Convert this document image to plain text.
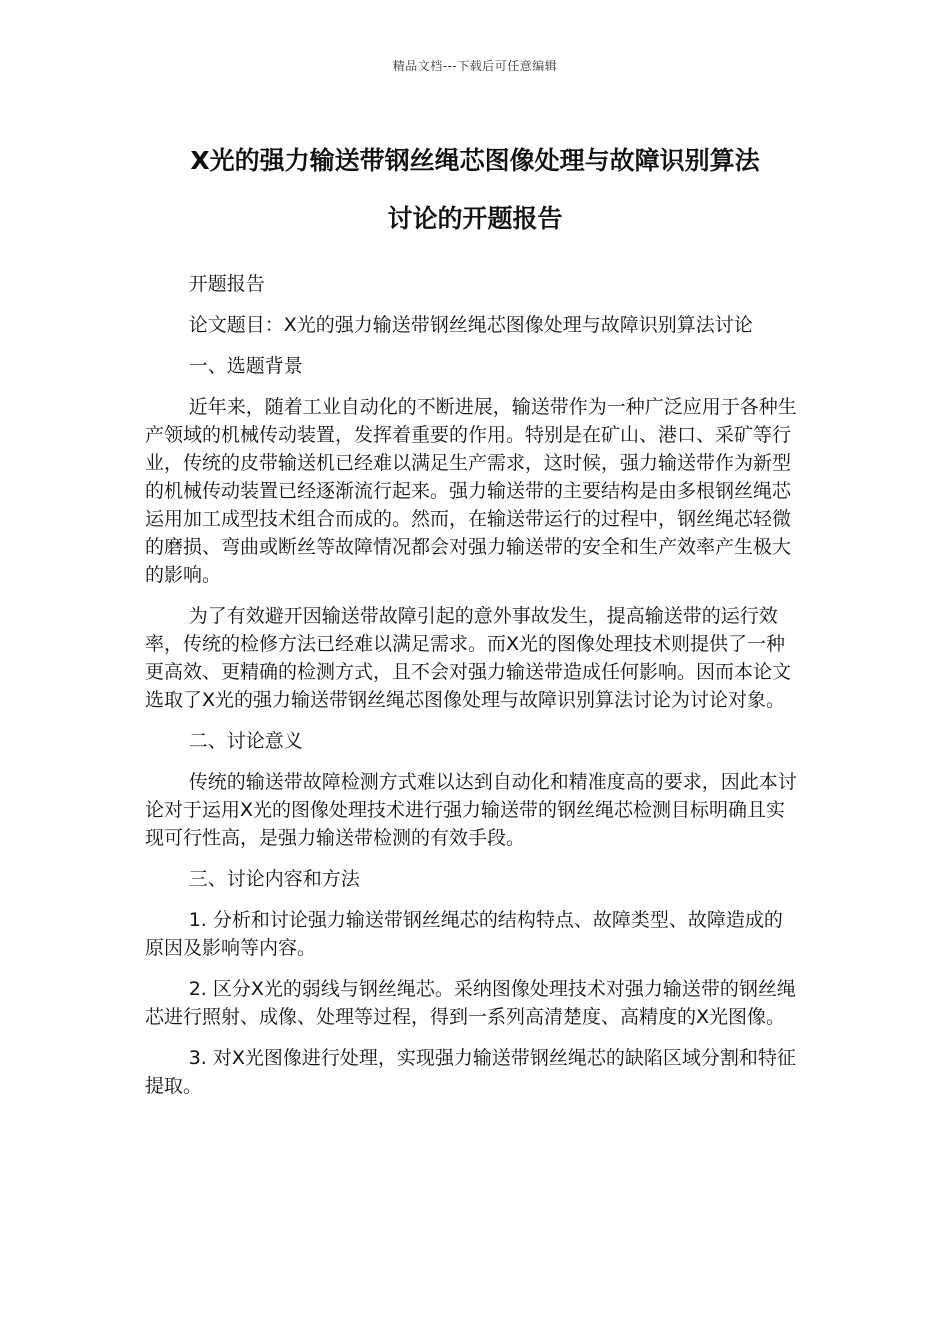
精品文档---下载后可任意编辑
X光的强力输送带钢丝绳芯图像处理与故障识别算法
讨论的开题报告

开题报告

论文题目：X光的强力输送带钢丝绳芯图像处理与故障识别算法讨论

一、选题背景

近年来，随着工业自动化的不断进展，输送带作为一种广泛应用于各种生产领域的机械传动装置，发挥着重要的作用。特别是在矿山、港口、采矿等行业，传统的皮带输送机已经难以满足生产需求，这时候，强力输送带作为新型的机械传动装置已经逐渐流行起来。强力输送带的主要结构是由多根钢丝绳芯运用加工成型技术组合而成的。然而，在输送带运行的过程中，钢丝绳芯轻微的磨损、弯曲或断丝等故障情况都会对强力输送带的安全和生产效率产生极大的影响。

为了有效避开因输送带故障引起的意外事故发生，提高输送带的运行效率，传统的检修方法已经难以满足需求。而X光的图像处理技术则提供了一种更高效、更精确的检测方式，且不会对强力输送带造成任何影响。因而本论文选取了X光的强力输送带钢丝绳芯图像处理与故障识别算法讨论为讨论对象。

二、讨论意义

传统的输送带故障检测方式难以达到自动化和精准度高的要求，因此本讨论对于运用X光的图像处理技术进行强力输送带的钢丝绳芯检测目标明确且实现可行性高，是强力输送带检测的有效手段。

三、讨论内容和方法

1. 分析和讨论强力输送带钢丝绳芯的结构特点、故障类型、故障造成的原因及影响等内容。

2. 区分X光的弱线与钢丝绳芯。采纳图像处理技术对强力输送带的钢丝绳芯进行照射、成像、处理等过程，得到一系列高清楚度、高精度的X光图像。

3. 对X光图像进行处理，实现强力输送带钢丝绳芯的缺陷区域分割和特征提取。
